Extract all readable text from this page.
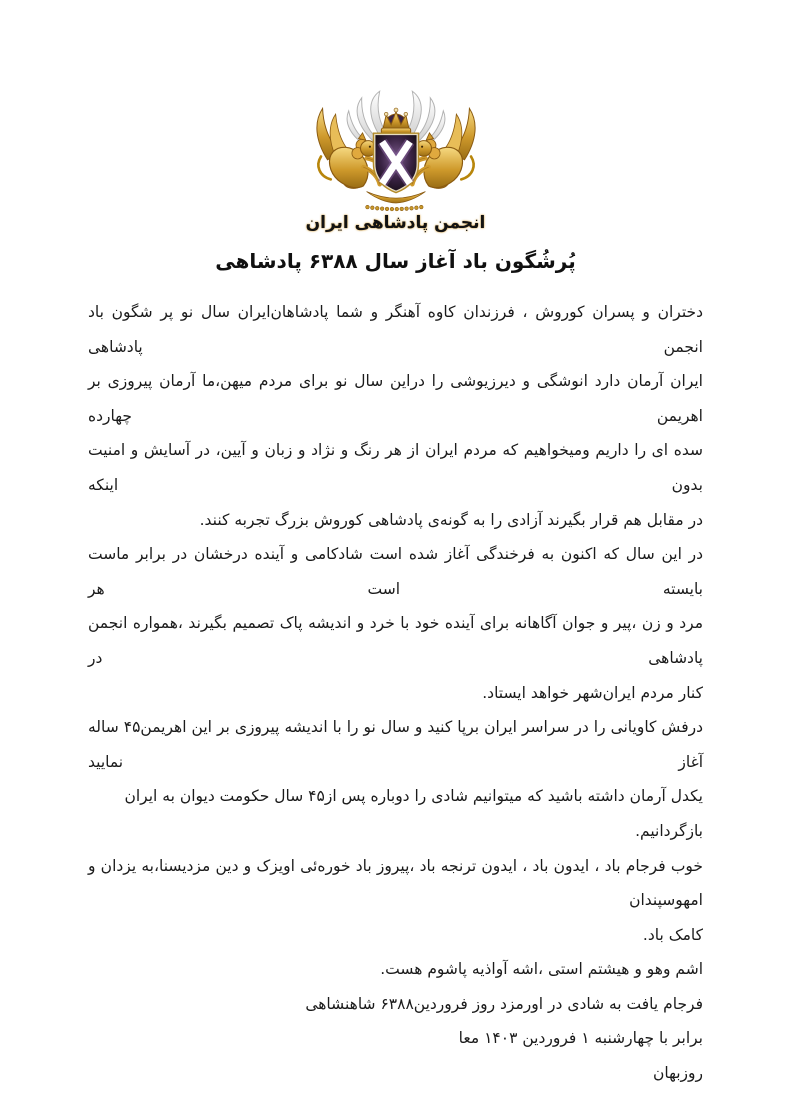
انجمن پادشاهی ایران
پُرشُگون باد آغاز سال ۶۳۸۸ پادشاهی
دختران و پسران کوروش ، فرزندان کاوه آهنگر و شما پادشاهان‌ایران سال نو پر شگون باد انجمن پادشاهی
ایران آرمان دارد انوشگی و دیرزیوشی را دراین سال نو برای مردم میهن،ما آرمان پیروزی بر اهریمن چهارده
سده ای را داریم ومیخواهیم که مردم ایران از هر رنگ و نژاد و زبان و آیین، در آسایش و امنیت بدون اینکه
در مقابل هم قرار بگیرند آزادی را به گونه‌ی پادشاهی کوروش بزرگ تجربه کنند.
در این سال که اکنون به فرخندگی آغاز شده است شادکامی و آینده درخشان در برابر ماست بایسته است هر
مرد و زن ،پیر و جوان آگاهانه برای آینده خود با خرد و اندیشه پاک تصمیم بگیرند ،همواره انجمن پادشاهی در
کنار مردم ایران‌شهر خواهد ایستاد.
درفش کاویانی را در سراسر ایران برپا کنید و سال نو را با اندیشه پیروزی بر این اهریمن۴۵ ساله آغاز نمایید
یکدل آرمان داشته باشید که میتوانیم شادی را دوباره پس از۴۵ سال حکومت دیوان به ایران بازگردانیم.
خوب فرجام باد ، ایدون باد ، ایدون ترنجه باد ،پیروز باد خوره‌ئی اویزک و دین مزدیسنا،به یزدان و امهوسپندان
کامک باد.
اشم وهو و هیشتم استی ،اشه آواذیه پاشوم هست.
فرجام یافت به شادی در اورمزد روز فروردین۶۳۸۸ شاهنشاهی
برابر با چهارشنبه ۱ فروردین ۱۴۰۳ معا
روزبهان
